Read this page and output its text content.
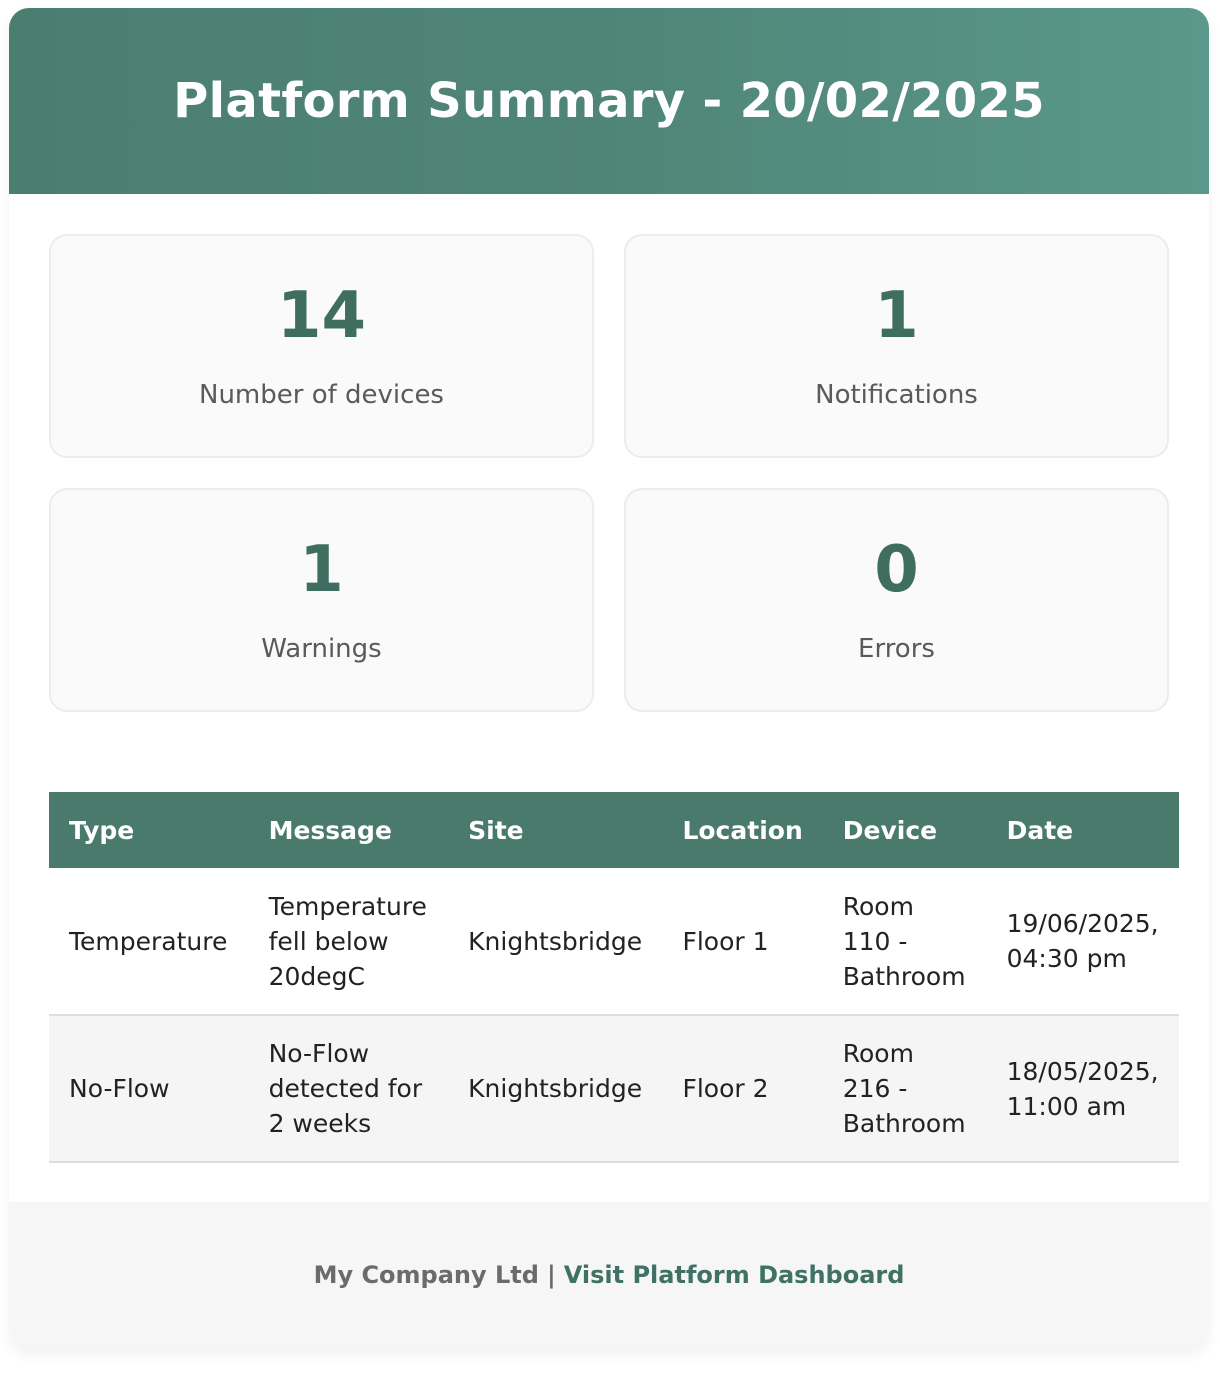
Platform Summary - 20/02/2025
14
Number of devices
1
Notifications
1
Warnings
0
Errors
Type	Message	Site	Location	Device	Date
Temperature	Temperature fell below 20degC	Knightsbridge	Floor 1	Room 110 - Bathroom	19/06/2025, 04:30 pm
No-Flow	No-Flow detected for 2 weeks	Knightsbridge	Floor 2	Room 216 - Bathroom	18/05/2025, 11:00 am
My Company Ltd | Visit Platform Dashboard
